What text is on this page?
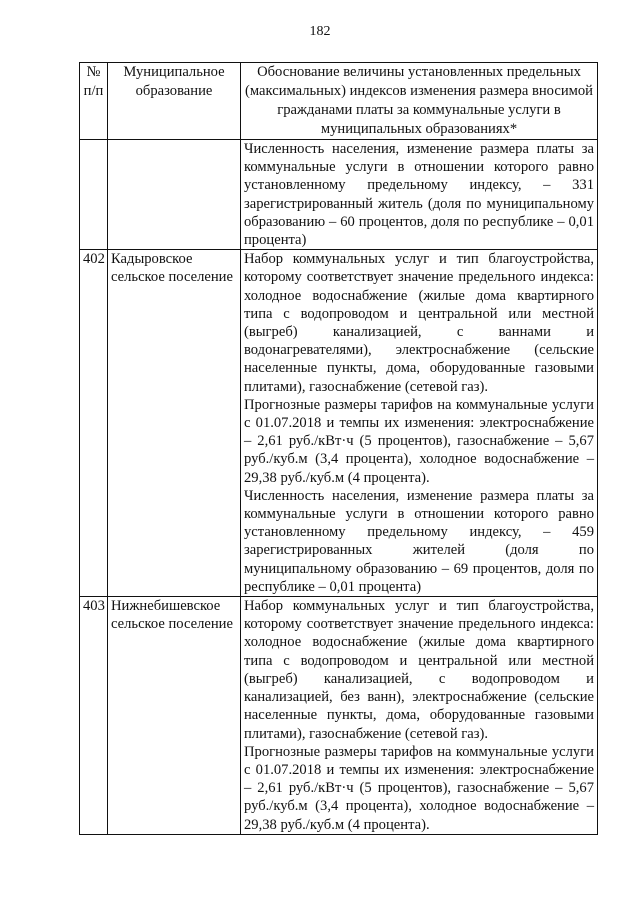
182
№ п/п	Муниципальное образование	Обоснование величины установленных предельных (максимальных) индексов изменения размера вносимой гражданами платы за коммунальные услуги в муниципальных образованиях*

		Численность населения, изменение размера платы за коммунальные услуги в отношении которого равно установленному предельному индексу, – 331 зарегистрированный житель (доля по муниципальному образованию – 60 процентов, доля по республике – 0,01 процента)

402	Кадыровское сельское поселение	Набор коммунальных услуг и тип благоустройства, которому соответствует значение предельного индекса: холодное водоснабжение (жилые дома квартирного типа с водопроводом и центральной или местной (выгреб) канализацией, с ваннами и водонагревателями), электроснабжение (сельские населенные пункты, дома, оборудованные газовыми плитами), газоснабжение (сетевой газ).

Прогнозные размеры тарифов на коммунальные услуги с 01.07.2018 и темпы их изменения: электроснабжение – 2,61 руб./кВт·ч (5 процентов), газоснабжение – 5,67 руб./куб.м (3,4 процента), холодное водоснабжение – 29,38 руб./куб.м (4 процента).

Численность населения, изменение размера платы за коммунальные услуги в отношении которого равно установленному предельному индексу, – 459 зарегистрированных жителей (доля по муниципальному образованию – 69 процентов, доля по республике – 0,01 процента)

403	Нижнебишевское сельское поселение	Набор коммунальных услуг и тип благоустройства, которому соответствует значение предельного индекса: холодное водоснабжение (жилые дома квартирного типа с водопроводом и центральной или местной (выгреб) канализацией, с водопроводом и канализацией, без ванн), электроснабжение (сельские населенные пункты, дома, оборудованные газовыми плитами), газоснабжение (сетевой газ).

Прогнозные размеры тарифов на коммунальные услуги с 01.07.2018 и темпы их изменения: электроснабжение – 2,61 руб./кВт·ч (5 процентов), газоснабжение – 5,67 руб./куб.м (3,4 процента), холодное водоснабжение – 29,38 руб./куб.м (4 процента).
